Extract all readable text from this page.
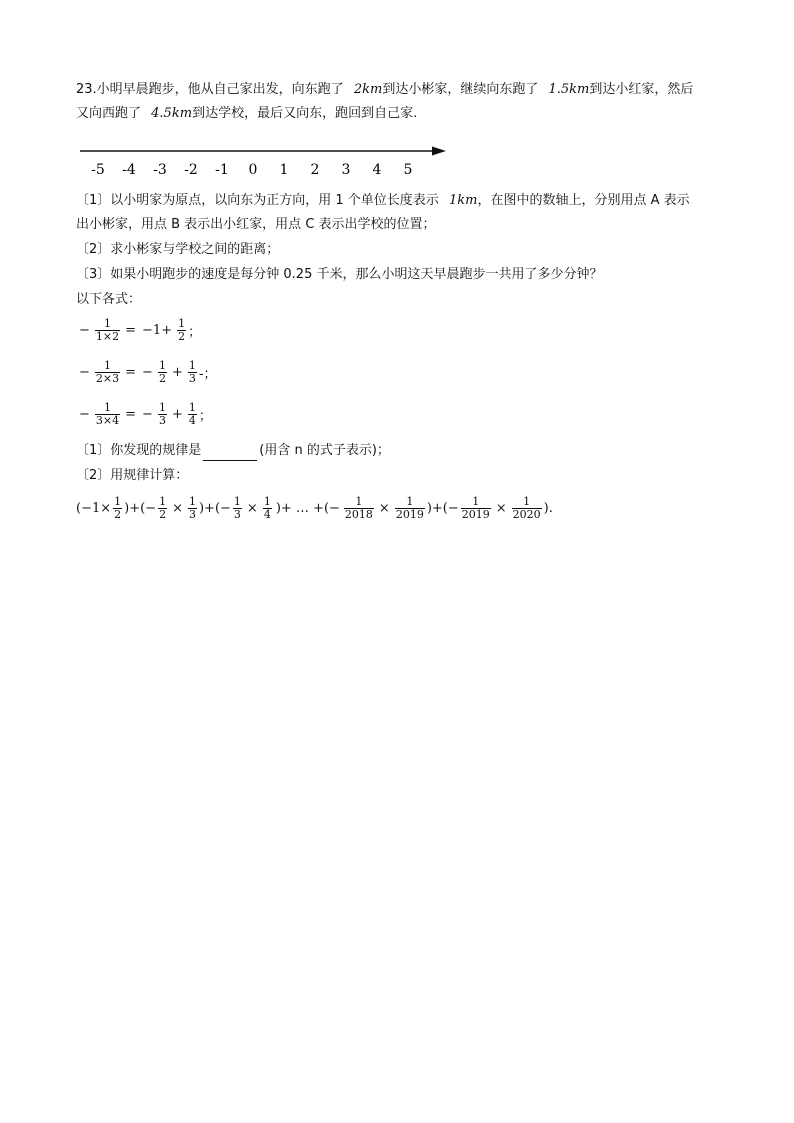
23.小明早晨跑步，他从自己家出发，向东跑了 2km到达小彬家，继续向东跑了 1.5km到达小红家，然后
又向西跑了 4.5km到达学校，最后又向东，跑回到自己家.
-5 -4 -3 -2 -1 0 1 2 3 4 5
〔1〕以小明家为原点，以向东为正方向，用 1 个单位长度表示 1km，在图中的数轴上，分别用点 A 表示
出小彬家，用点 B 表示出小红家，用点 C 表示出学校的位置；
〔2〕求小彬家与学校之间的距离；
〔3〕如果小明跑步的速度是每分钟 0.25 千米，那么小明这天早晨跑步一共用了多少分钟？
以下各式：
− $\frac{1}{1\times 2} = -1+ \frac{1}{2}$ ；
− $\frac{1}{2\times 3}$ = − $\frac{1}{2} + \frac{1}{3}$ -；
− $\frac{1}{3\times 4}$ = − $\frac{1}{3} + \frac{1}{4}$ ；
〔1〕你发现的规律是	(用含 n 的式子表示)；
〔2〕用规律计算：
($-1\times \frac{1}{2}$ )+(− $\frac{1}{2} \times \frac{1}{3}$ )+(− $\frac{1}{3} \times \frac{1}{4}$ )+ … +(− $\frac{1}{2018} \times \frac{1}{2019}$ )+(− $\frac{1}{2019} \times \frac{1}{2020}$ ).
